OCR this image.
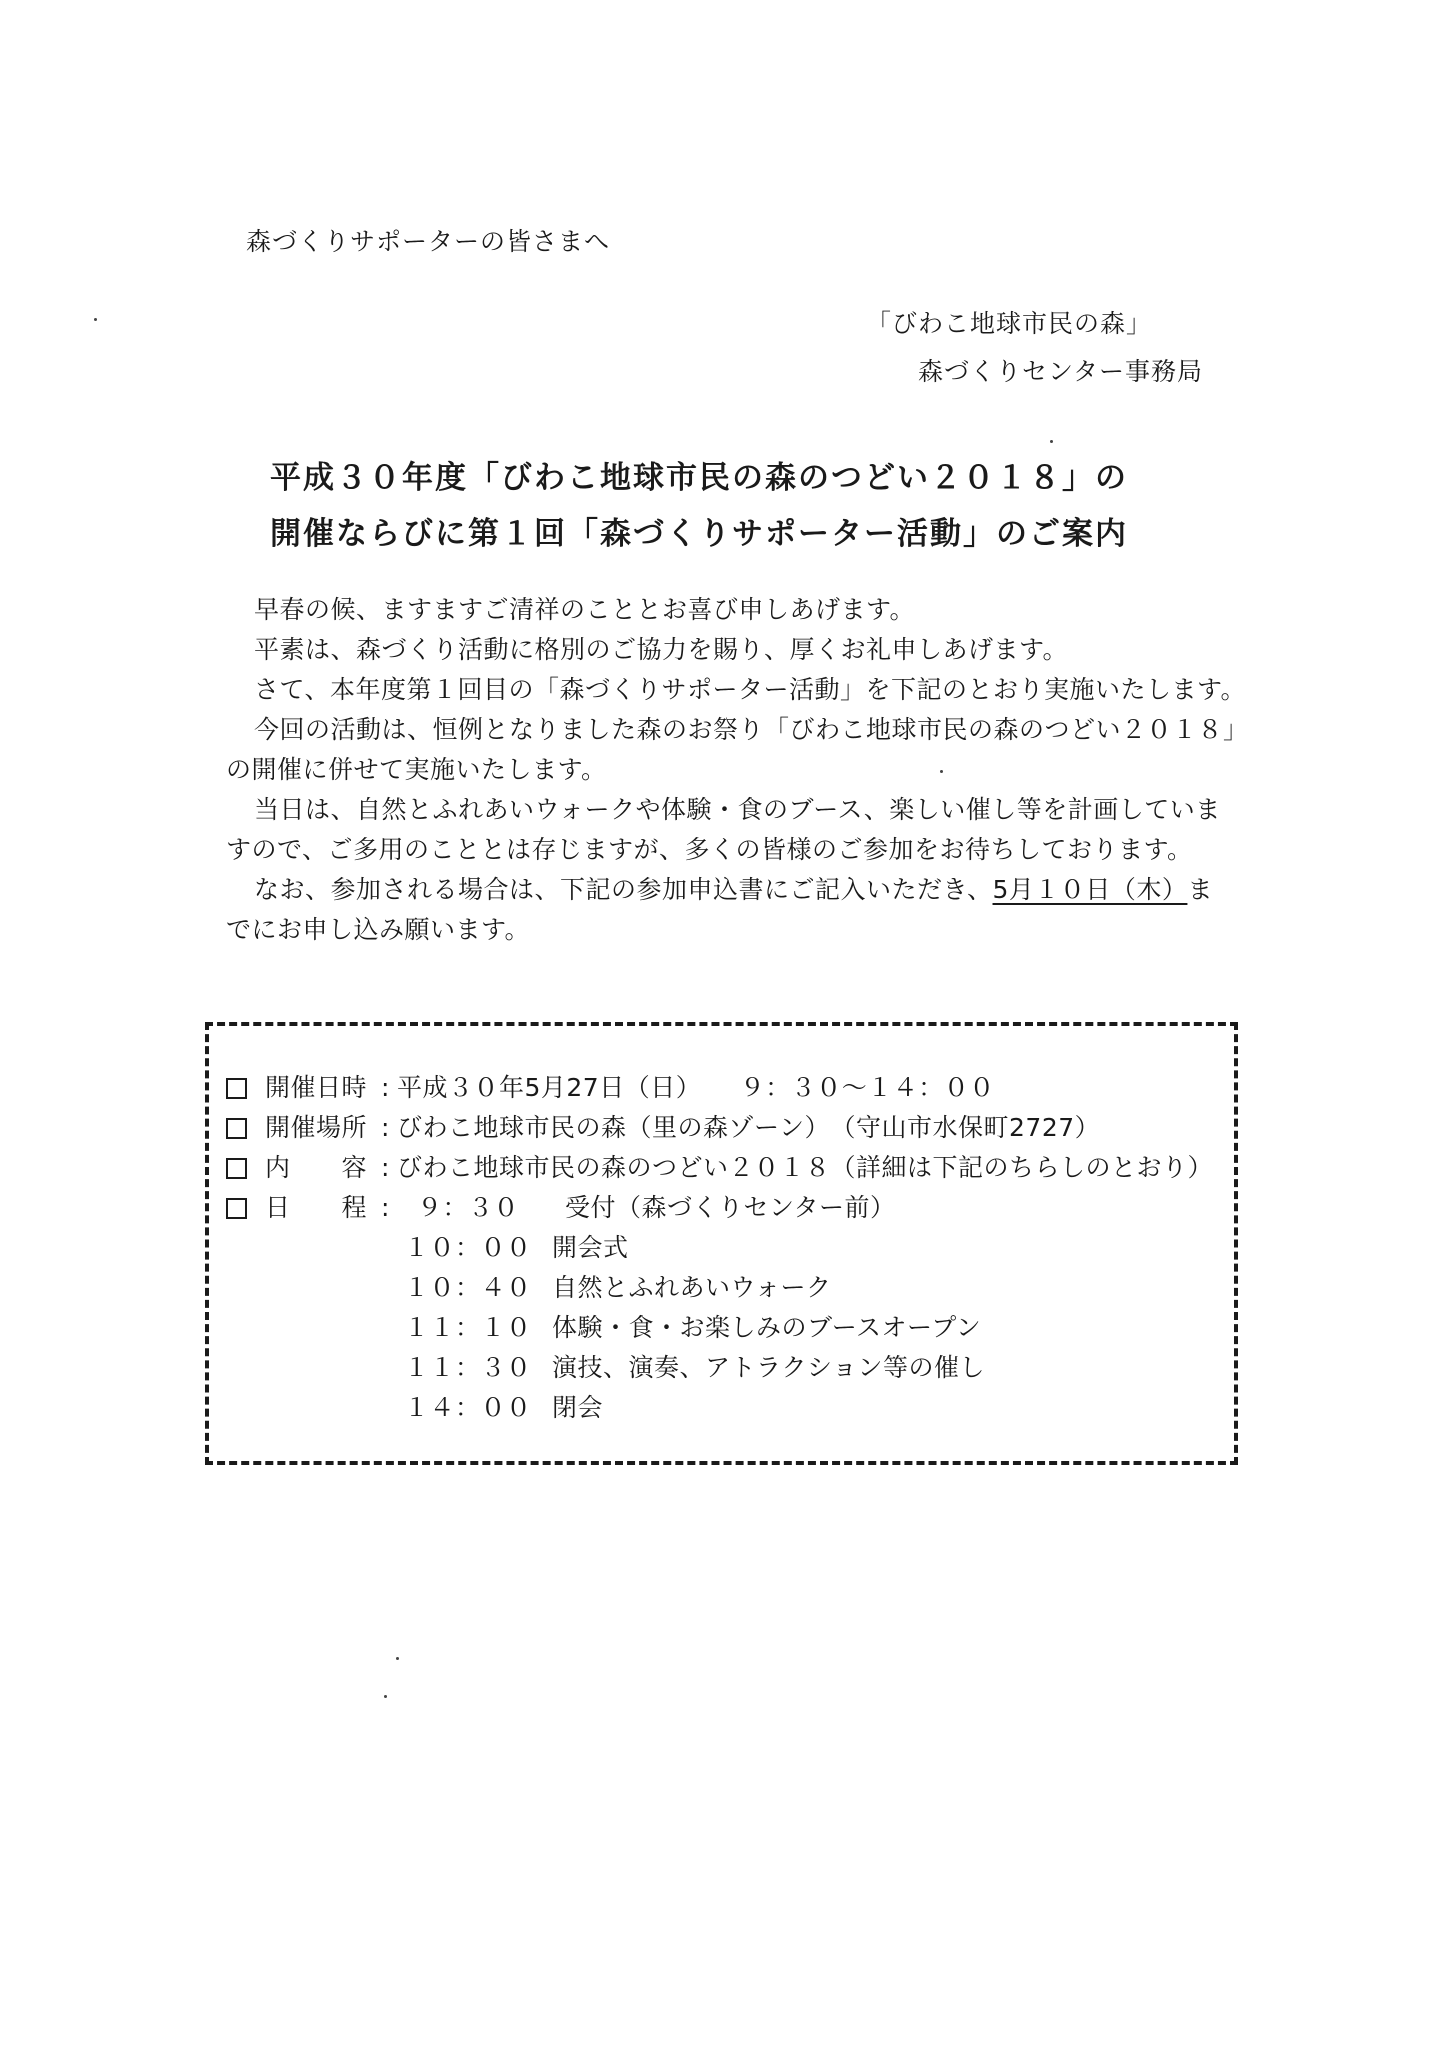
森づくりサポーターの皆さまへ
「びわこ地球市民の森」
森づくりセンター事務局
平成３０年度「びわこ地球市民の森のつどい２０１８」の
開催ならびに第１回「森づくりサポーター活動」のご案内

早春の候、ますますご清祥のこととお喜び申しあげます。

平素は、森づくり活動に格別のご協力を賜り、厚くお礼申しあげます。

さて、本年度第１回目の「森づくりサポーター活動」を下記のとおり実施いたします。

今回の活動は、恒例となりました森のお祭り「びわこ地球市民の森のつどい２０１８」

の開催に併せて実施いたします。

当日は、自然とふれあいウォークや体験・食のブース、楽しい催し等を計画していま

すので、ご多用のこととは存じますが、多くの皆様のご参加をお待ちしております。

なお、参加される場合は、下記の参加申込書にご記入いただき、5月１０日（木）ま

でにお申し込み願います。

開催日時 : 平成３０年5月27日（日）　　９：３０～１４：００
開催場所 : びわこ地球市民の森（里の森ゾーン）　（守山市水保町2727）
内　　容 : びわこ地球市民の森のつどい２０１８（詳細は下記のちらしのとおり）
日　　程 : ９：３０ 受付（森づくりセンター前）
１０：００ 開会式
１０：４０ 自然とふれあいウォーク
１１：１０ 体験・食・お楽しみのブースオープン
１１：３０ 演技、演奏、アトラクション等の催し
１４：００ 閉会
